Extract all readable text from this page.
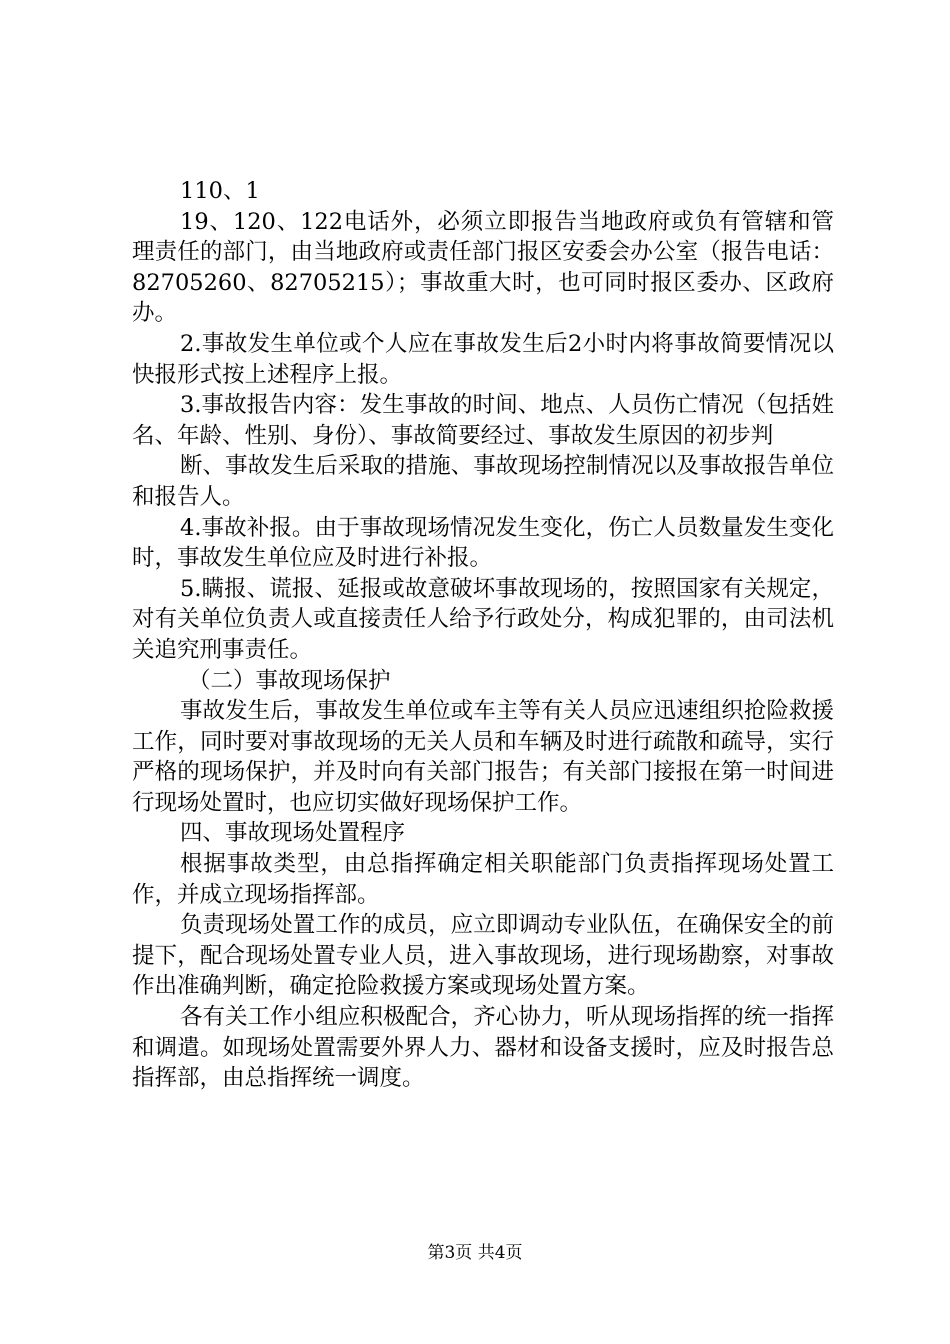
110、1

19、120、122电话外，必须立即报告当地政府或负有管辖和管理责任的部门，由当地政府或责任部门报区安委会办公室（报告电话：82705260、82705215）；事故重大时，也可同时报区委办、区政府办。

2.事故发生单位或个人应在事故发生后2小时内将事故简要情况以快报形式按上述程序上报。

3.事故报告内容：发生事故的时间、地点、人员伤亡情况（包括姓名、年龄、性别、身份）、事故简要经过、事故发生原因的初步判

断、事故发生后采取的措施、事故现场控制情况以及事故报告单位和报告人。

4.事故补报。由于事故现场情况发生变化，伤亡人员数量发生变化时，事故发生单位应及时进行补报。

5.瞒报、谎报、延报或故意破坏事故现场的，按照国家有关规定，对有关单位负责人或直接责任人给予行政处分，构成犯罪的，由司法机关追究刑事责任。

（二）事故现场保护

事故发生后，事故发生单位或车主等有关人员应迅速组织抢险救援工作，同时要对事故现场的无关人员和车辆及时进行疏散和疏导，实行严格的现场保护，并及时向有关部门报告；有关部门接报在第一时间进行现场处置时，也应切实做好现场保护工作。

四、事故现场处置程序

根据事故类型，由总指挥确定相关职能部门负责指挥现场处置工作，并成立现场指挥部。

负责现场处置工作的成员，应立即调动专业队伍，在确保安全的前提下，配合现场处置专业人员，进入事故现场，进行现场勘察，对事故作出准确判断，确定抢险救援方案或现场处置方案。

各有关工作小组应积极配合，齐心协力，听从现场指挥的统一指挥和调遣。如现场处置需要外界人力、器材和设备支援时，应及时报告总指挥部，由总指挥统一调度。

第3页 共4页
